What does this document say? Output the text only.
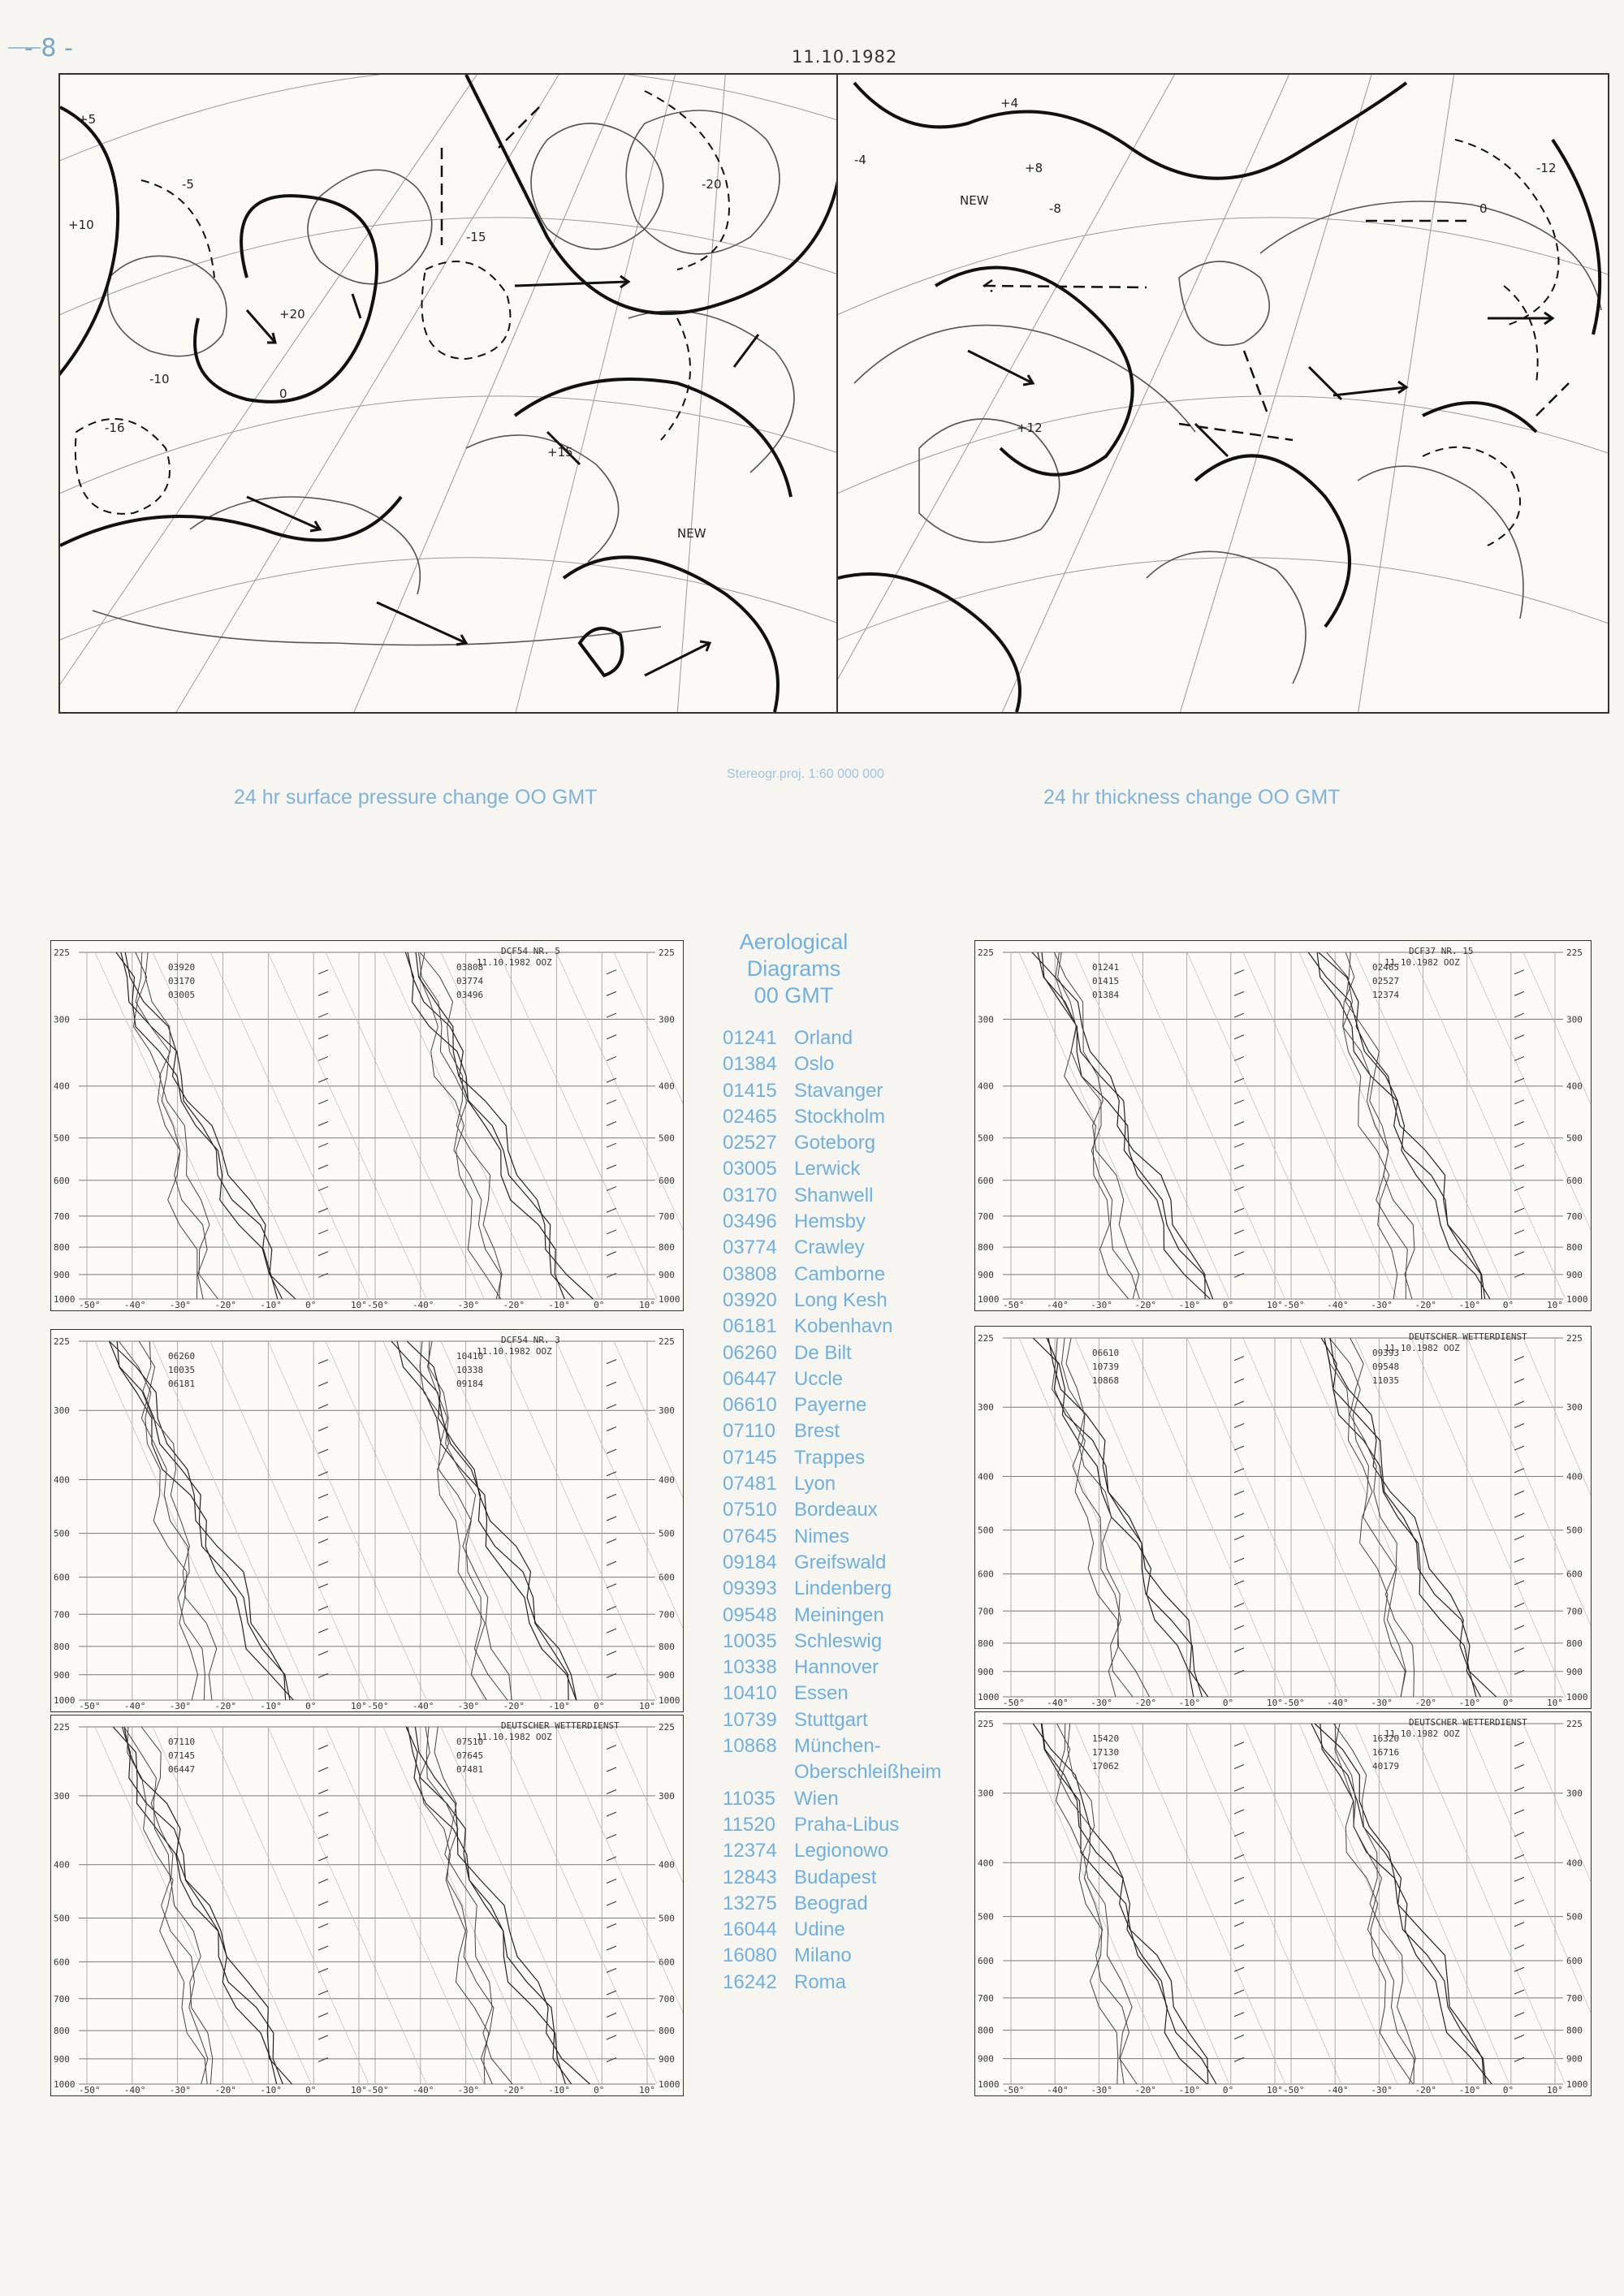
- 8 -	11.10.1982
+5
-5
-10
+10
0
-15
+15
NEW
-16
+20
-20
+4
+8
-4
-8	0
+12
-12
NEW
Stereogr.proj. 1:60 000 000
24 hr surface pressure change OO GMT	24 hr thickness change OO GMT
225	225
300	300
400	400
500	500
600	600
700	700
800	800
900	900
1000	1000
-50°	-40°	-30°	-20°	-10°	0°	10°
03920
03170
03005
-50°	-40°	-30°	-20°	-10°	0°	10°
03808
03774
03496
DCF54 NR. 5
11.10.1982 OOZ
225	225
300	300
400	400
500	500
600	600
700	700
800	800
900	900
1000	1000
-50°	-40°	-30°	-20°	-10°	0°	10°
06260
10035
06181
-50°	-40°	-30°	-20°	-10°	0°	10°
10410
10338
09184
DCF54 NR. 3
11.10.1982 OOZ
225	225
300	300
400	400
500	500
600	600
700	700
800	800
900	900
1000	1000
-50°	-40°	-30°	-20°	-10°	0°	10°
07110
07145
06447
-50°	-40°	-30°	-20°	-10°	0°	10°
07510
07645
07481
DEUTSCHER WETTERDIENST
11.10.1982 OOZ
225	225
300	300
400	400
500	500
600	600
700	700
800	800
900	900
1000	1000
-50°	-40°	-30°	-20°	-10°	0°	10°
01241
01415
01384
-50°	-40°	-30°	-20°	-10°	0°	10°
02465
02527
12374
DCF37 NR. 15
11.10.1982 OOZ
225	225
300	300
400	400
500	500
600	600
700	700
800	800
900	900
1000	1000
-50°	-40°	-30°	-20°	-10°	0°	10°
06610
10739
10868
-50°	-40°	-30°	-20°	-10°	0°	10°
09393
09548
11035
DEUTSCHER WETTERDIENST
11.10.1982 OOZ
225	225
300	300
400	400
500	500
600	600
700	700
800	800
900	900
1000	1000
-50°	-40°	-30°	-20°	-10°	0°	10°
15420
17130
17062
-50°	-40°	-30°	-20°	-10°	0°	10°
16320
16716
40179
DEUTSCHER WETTERDIENST
11.10.1982 OOZ
Aerological Diagrams
00 GMT
01241 Orland
01384 Oslo
01415 Stavanger
02465 Stockholm
02527 Goteborg
03005 Lerwick
03170 Shanwell
03496 Hemsby
03774 Crawley
03808 Camborne
03920 Long Kesh
06181 Kobenhavn
06260 De Bilt
06447 Uccle
06610 Payerne
07110 Brest
07145 Trappes
07481 Lyon
07510 Bordeaux
07645 Nimes
09184 Greifswald
09393 Lindenberg
09548 Meiningen
10035 Schleswig
10338 Hannover
10410 Essen
10739 Stuttgart
10868 München-
Oberschleißheim
11035 Wien
11520 Praha-Libus
12374 Legionowo
12843 Budapest
13275 Beograd
16044 Udine
16080 Milano
16242 Roma
